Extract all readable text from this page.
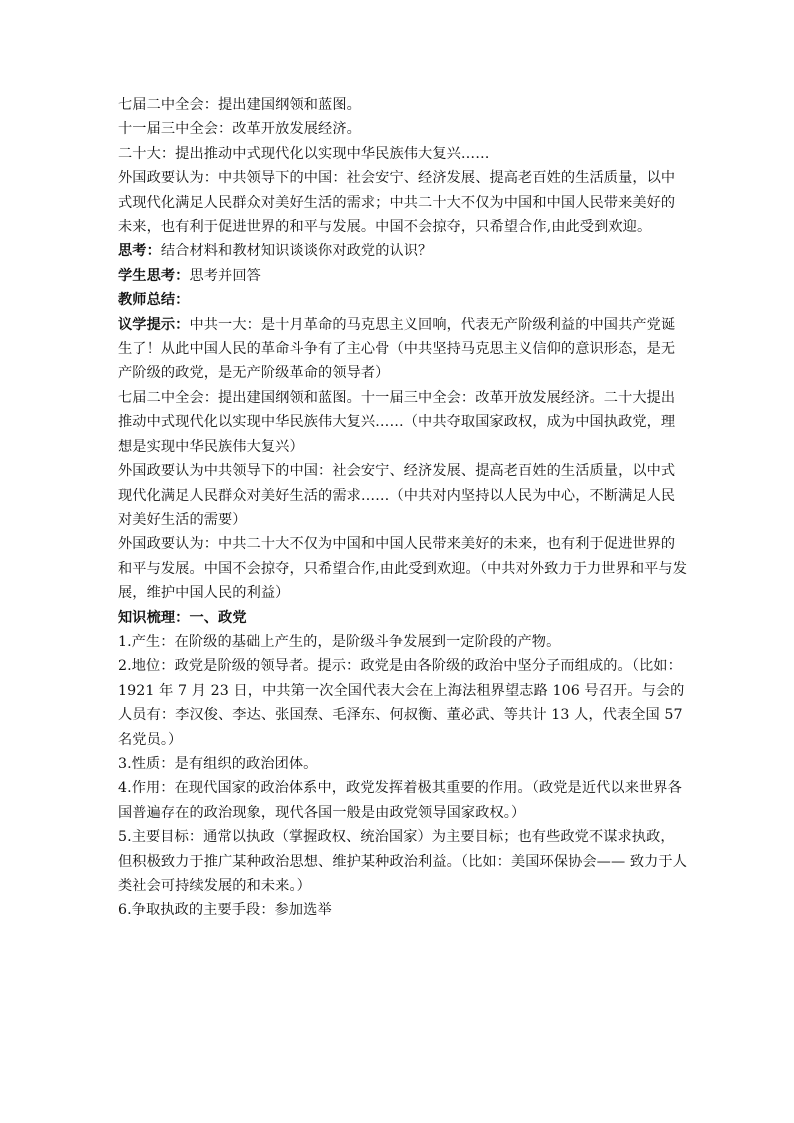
七届二中全会：提出建国纲领和蓝图。

十一届三中全会：改革开放发展经济。

二十大：提出推动中式现代化以实现中华民族伟大复兴……

外国政要认为：中共领导下的中国：社会安宁、经济发展、提高老百姓的生活质量，以中式现代化满足人民群众对美好生活的需求；中共二十大不仅为中国和中国人民带来美好的未来，也有利于促进世界的和平与发展。中国不会掠夺，只希望合作,由此受到欢迎。

思考：结合材料和教材知识谈谈你对政党的认识？

学生思考：思考并回答

教师总结：

议学提示：中共一大：是十月革命的马克思主义回响，代表无产阶级利益的中国共产党诞生了！从此中国人民的革命斗争有了主心骨（中共坚持马克思主义信仰的意识形态，是无产阶级的政党，是无产阶级革命的领导者）

七届二中全会：提出建国纲领和蓝图。十一届三中全会：改革开放发展经济。二十大提出推动中式现代化以实现中华民族伟大复兴……（中共夺取国家政权，成为中国执政党，理想是实现中华民族伟大复兴）

外国政要认为中共领导下的中国：社会安宁、经济发展、提高老百姓的生活质量，以中式现代化满足人民群众对美好生活的需求……（中共对内坚持以人民为中心，不断满足人民对美好生活的需要）

外国政要认为：中共二十大不仅为中国和中国人民带来美好的未来，也有利于促进世界的和平与发展。中国不会掠夺，只希望合作,由此受到欢迎。（中共对外致力于力世界和平与发展，维护中国人民的利益）

知识梳理：一、政党

1.产生：在阶级的基础上产生的，是阶级斗争发展到一定阶段的产物。

2.地位：政党是阶级的领导者。提示：政党是由各阶级的政治中坚分子而组成的。（比如：1921 年 7 月 23 日，中共第一次全国代表大会在上海法租界望志路 106 号召开。与会的人员有：李汉俊、李达、张国焘、毛泽东、何叔衡、董必武、等共计 13 人，代表全国 57 名党员。）

3.性质：是有组织的政治团体。

4.作用：在现代国家的政治体系中，政党发挥着极其重要的作用。（政党是近代以来世界各国普遍存在的政治现象，现代各国一般是由政党领导国家政权。）

5.主要目标：通常以执政（掌握政权、统治国家）为主要目标；也有些政党不谋求执政，但积极致力于推广某种政治思想、维护某种政治利益。（比如：美国环保协会—— 致力于人类社会可持续发展的和未来。）

6.争取执政的主要手段：参加选举
